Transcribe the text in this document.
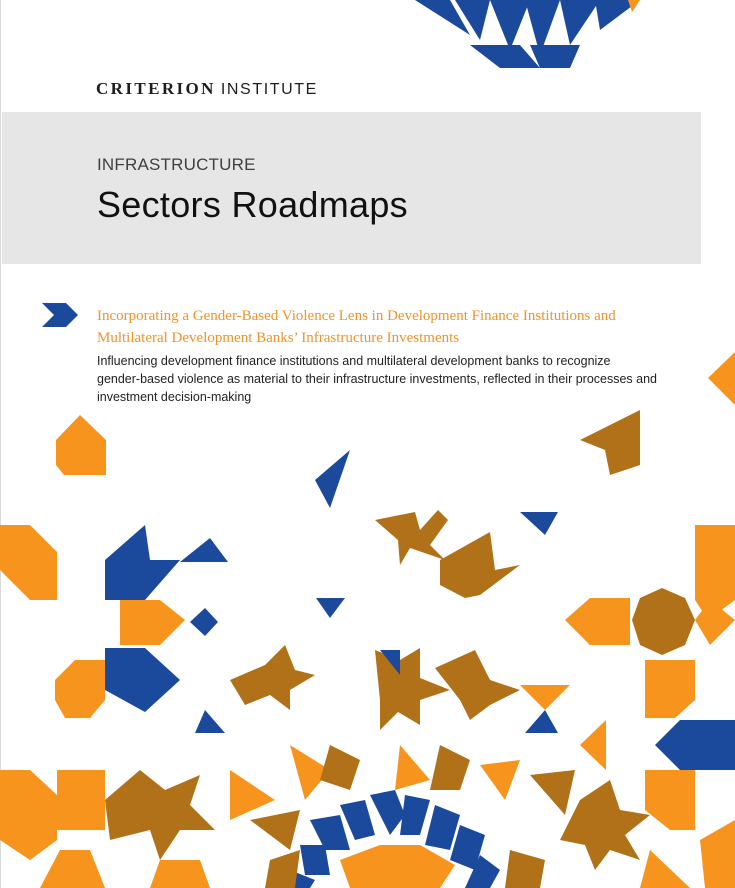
CRITERION INSTITUTE
INFRASTRUCTURE
Sectors Roadmaps
Incorporating a Gender-Based Violence Lens in Development Finance Institutions and Multilateral Development Banks’ Infrastructure Investments
Influencing development finance institutions and multilateral development banks to recognize gender-based violence as material to their infrastructure investments, reflected in their processes and investment decision-making
